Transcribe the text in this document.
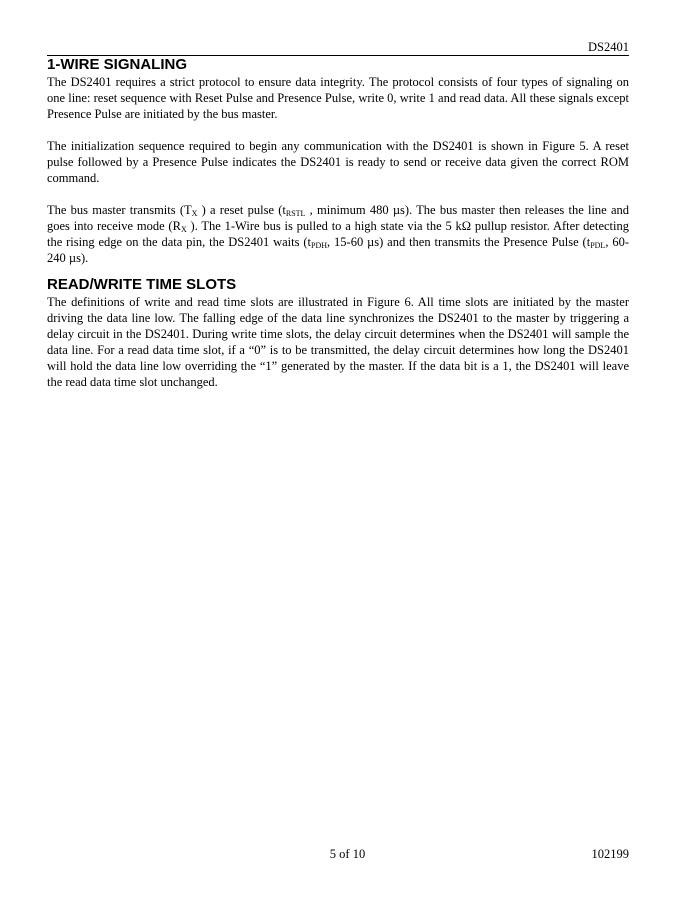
DS2401
1-WIRE SIGNALING

The DS2401 requires a strict protocol to ensure data integrity. The protocol consists of four types of signaling on one line: reset sequence with Reset Pulse and Presence Pulse, write 0, write 1 and read data. All these signals except Presence Pulse are initiated by the bus master.

The initialization sequence required to begin any communication with the DS2401 is shown in Figure 5. A reset pulse followed by a Presence Pulse indicates the DS2401 is ready to send or receive data given the correct ROM command.

The bus master transmits ($T_X$ ) a reset pulse ($t_{RSTL}$ , minimum 480 µs). The bus master then releases the line and goes into receive mode ($R_X$ ). The 1-Wire bus is pulled to a high state via the 5 kΩ pullup resistor. After detecting the rising edge on the data pin, the DS2401 waits ($t_{PDH}$, 15-60 µs) and then transmits the Presence Pulse ($t_{PDL}$, 60-240 µs).

READ/WRITE TIME SLOTS

The definitions of write and read time slots are illustrated in Figure 6. All time slots are initiated by the master driving the data line low. The falling edge of the data line synchronizes the DS2401 to the master by triggering a delay circuit in the DS2401. During write time slots, the delay circuit determines when the DS2401 will sample the data line. For a read data time slot, if a “0” is to be transmitted, the delay circuit determines how long the DS2401 will hold the data line low overriding the “1” generated by the master. If the data bit is a 1, the DS2401 will leave the read data time slot unchanged.

5 of 10	102199
